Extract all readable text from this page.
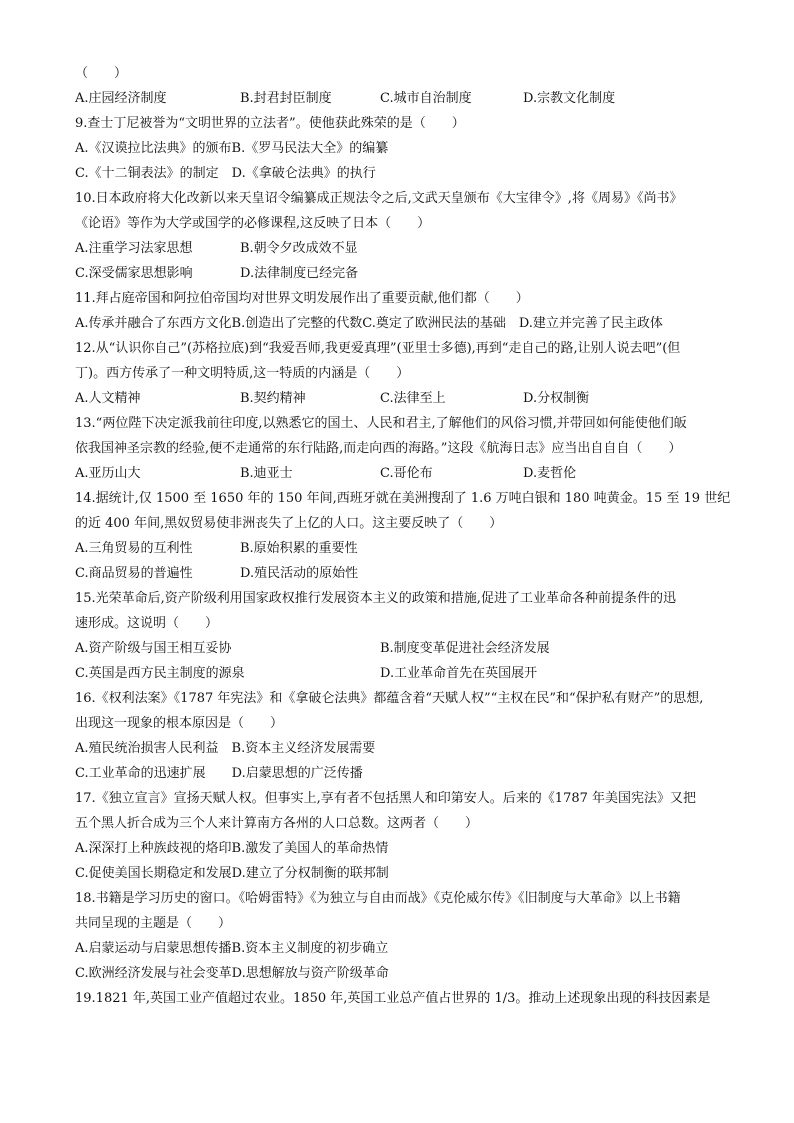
（　　）
A.庄园经济制度	B.封君封臣制度	C.城市自治制度	D.宗教文化制度
9.查士丁尼被誉为“文明世界的立法者”。使他获此殊荣的是（　　）
A.《汉谟拉比法典》的颁布B.《罗马民法大全》的编纂
C.《十二铜表法》的制定　D.《拿破仑法典》的执行
10.日本政府将大化改新以来天皇诏令编纂成正规法令之后,文武天皇颁布《大宝律令》,将《周易》《尚书》
《论语》等作为大学或国学的必修课程,这反映了日本（　　）
A.注重学习法家思想	B.朝令夕改成效不显
C.深受儒家思想影响	D.法律制度已经完备
11.拜占庭帝国和阿拉伯帝国均对世界文明发展作出了重要贡献,他们都（　　）
A.传承并融合了东西方文化B.创造出了完整的代数C.奠定了欧洲民法的基础　D.建立并完善了民主政体
12.从“认识你自己”(苏格拉底)到“我爱吾师,我更爱真理”(亚里士多德),再到“走自己的路,让别人说去吧”(但
丁)。西方传承了一种文明特质,这一特质的内涵是（　　）
A.人文精神	B.契约精神	C.法律至上	D.分权制衡
13.“两位陛下决定派我前往印度,以熟悉它的国土、人民和君主,了解他们的风俗习惯,并带回如何能使他们皈
依我国神圣宗教的经验,便不走通常的东行陆路,而走向西的海路。”这段《航海日志》应当出自自自（　　）
A.亚历山大	B.迪亚士	C.哥伦布	D.麦哲伦
14.据统计,仅 1500 至 1650 年的 150 年间,西班牙就在美洲搜刮了 1.6 万吨白银和 180 吨黄金。15 至 19 世纪
的近 400 年间,黑奴贸易使非洲丧失了上亿的人口。这主要反映了（　　）
A.三角贸易的互利性	B.原始积累的重要性
C.商品贸易的普遍性	D.殖民活动的原始性
15.光荣革命后,资产阶级利用国家政权推行发展资本主义的政策和措施,促进了工业革命各种前提条件的迅
速形成。这说明（　　）
A.资产阶级与国王相互妥协	B.制度变革促进社会经济发展
C.英国是西方民主制度的源泉	D.工业革命首先在英国展开
16.《权利法案》《1787 年宪法》和《拿破仑法典》都蕴含着“天赋人权”“主权在民”和“保护私有财产”的思想,
出现这一现象的根本原因是（　　）
A.殖民统治损害人民利益　B.资本主义经济发展需要
C.工业革命的迅速扩展　　D.启蒙思想的广泛传播
17.《独立宣言》宣扬天赋人权。但事实上,享有者不包括黑人和印第安人。后来的《1787 年美国宪法》又把
五个黑人折合成为三个人来计算南方各州的人口总数。这两者（　　）
A.深深打上种族歧视的烙印B.激发了美国人的革命热情
C.促使美国长期稳定和发展D.建立了分权制衡的联邦制
18.书籍是学习历史的窗口。《哈姆雷特》《为独立与自由而战》《克伦威尔传》《旧制度与大革命》以上书籍
共同呈现的主题是（　　）
A.启蒙运动与启蒙思想传播B.资本主义制度的初步确立
C.欧洲经济发展与社会变革D.思想解放与资产阶级革命
19.1821 年,英国工业产值超过农业。1850 年,英国工业总产值占世界的 1/3。推动上述现象出现的科技因素是
